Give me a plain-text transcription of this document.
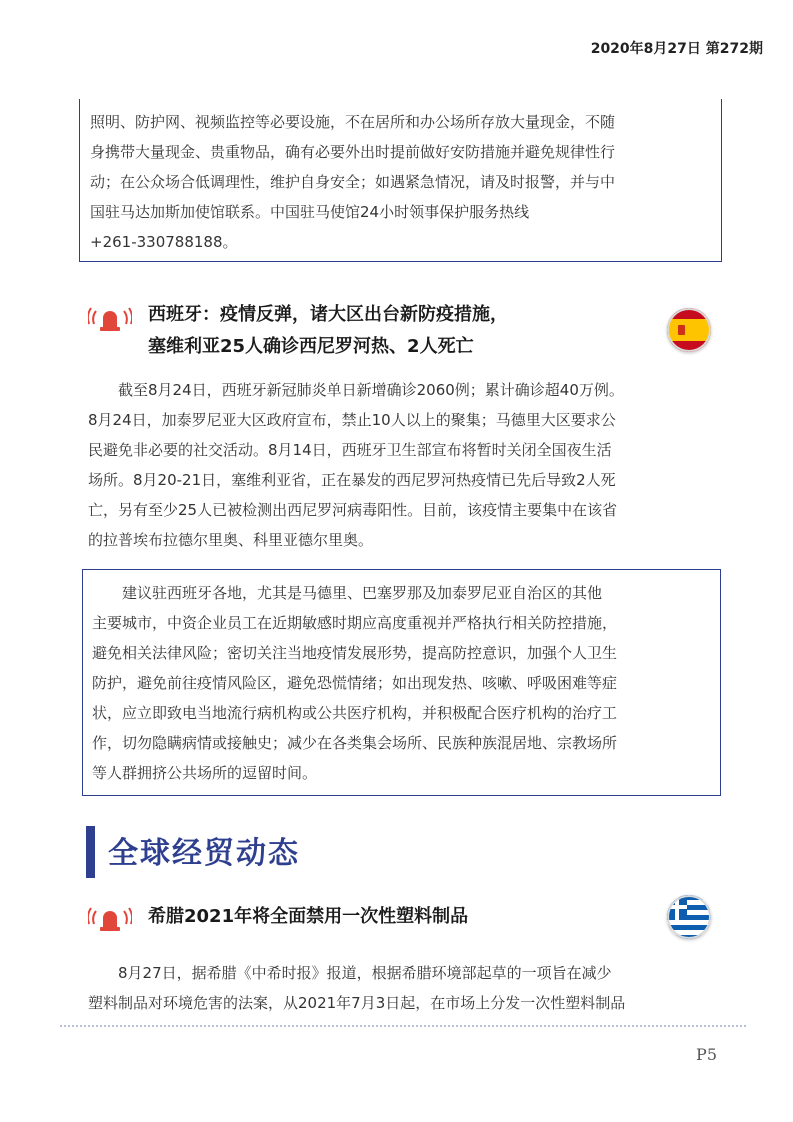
2020年8月27日 第272期
照明、防护网、视频监控等必要设施，不在居所和办公场所存放大量现金，不随
身携带大量现金、贵重物品，确有必要外出时提前做好安防措施并避免规律性行
动；在公众场合低调理性，维护自身安全；如遇紧急情况，请及时报警，并与中
国驻马达加斯加使馆联系。中国驻马使馆24小时领事保护服务热线
+261-330788188。
西班牙：疫情反弹，诸大区出台新防疫措施，
塞维利亚25人确诊西尼罗河热、2人死亡
截至8月24日，西班牙新冠肺炎单日新增确诊2060例；累计确诊超40万例。
8月24日，加泰罗尼亚大区政府宣布，禁止10人以上的聚集；马德里大区要求公
民避免非必要的社交活动。8月14日，西班牙卫生部宣布将暂时关闭全国夜生活
场所。8月20-21日，塞维利亚省，正在暴发的西尼罗河热疫情已先后导致2人死
亡，另有至少25人已被检测出西尼罗河病毒阳性。目前，该疫情主要集中在该省
的拉普埃布拉德尔里奥、科里亚德尔里奥。
建议驻西班牙各地，尤其是马德里、巴塞罗那及加泰罗尼亚自治区的其他
主要城市，中资企业员工在近期敏感时期应高度重视并严格执行相关防控措施，
避免相关法律风险；密切关注当地疫情发展形势，提高防控意识，加强个人卫生
防护，避免前往疫情风险区，避免恐慌情绪；如出现发热、咳嗽、呼吸困难等症
状，应立即致电当地流行病机构或公共医疗机构，并积极配合医疗机构的治疗工
作，切勿隐瞒病情或接触史；减少在各类集会场所、民族种族混居地、宗教场所
等人群拥挤公共场所的逗留时间。
全球经贸动态
希腊2021年将全面禁用一次性塑料制品
8月27日，据希腊《中希时报》报道，根据希腊环境部起草的一项旨在减少
塑料制品对环境危害的法案，从2021年7月3日起，在市场上分发一次性塑料制品
P5
